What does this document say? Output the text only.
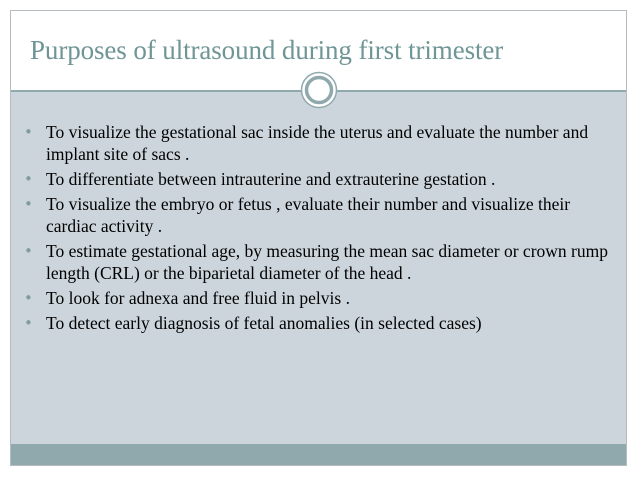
Purposes of ultrasound during first trimester
• To visualize the gestational sac inside the uterus and evaluate the number and implant site of sacs .
• To differentiate between intrauterine and extrauterine gestation .
• To visualize the embryo or fetus , evaluate their number and visualize their cardiac activity .
• To estimate gestational age, by measuring the mean sac diameter or crown rump length (CRL) or the biparietal diameter of the head .
• To look for adnexa and free fluid in pelvis .
• To detect early diagnosis of fetal anomalies (in selected cases)
